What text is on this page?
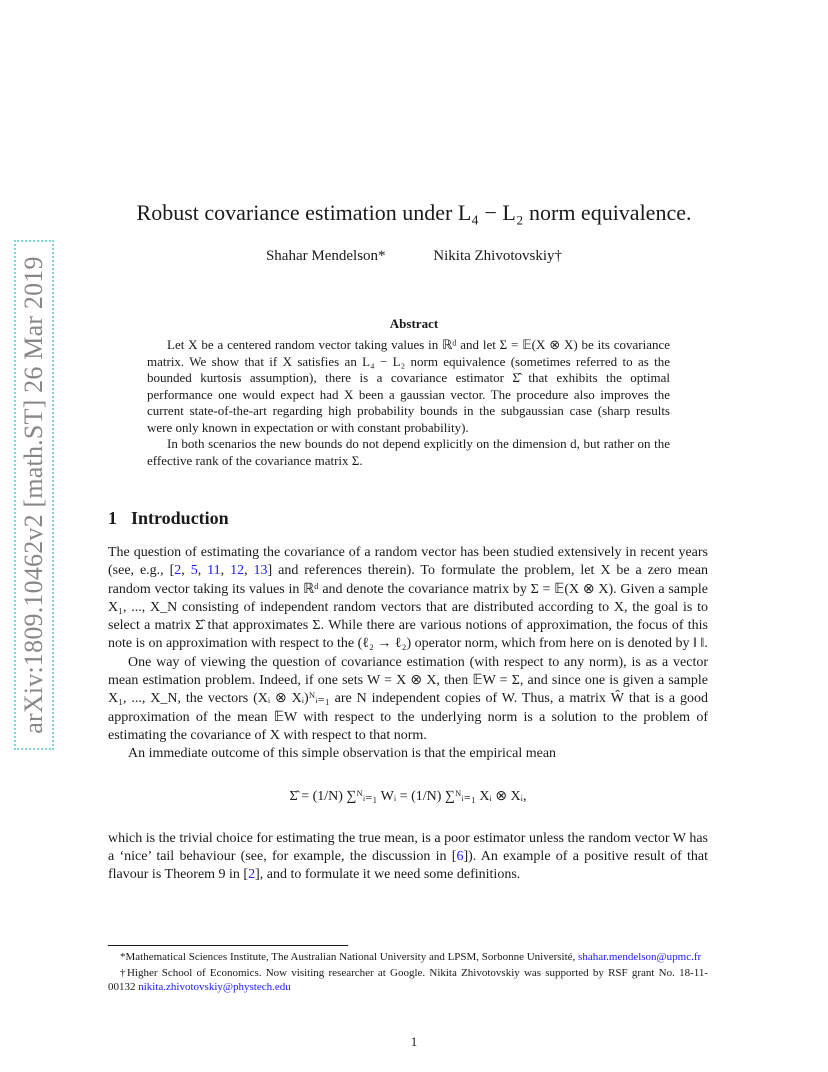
arXiv:1809.10462v2 [math.ST] 26 Mar 2019
Robust covariance estimation under L₄ − L₂ norm equivalence.
Shahar Mendelson*	Nikita Zhivotovskiy†
Abstract

Let X be a centered random vector taking values in ℝᵈ and let Σ = 𝔼(X ⊗ X) be its covariance matrix. We show that if X satisfies an L₄ − L₂ norm equivalence (sometimes referred to as the bounded kurtosis assumption), there is a covariance estimator Σ̂ that exhibits the optimal performance one would expect had X been a gaussian vector. The procedure also improves the current state-of-the-art regarding high probability bounds in the subgaussian case (sharp results were only known in expectation or with constant probability).

In both scenarios the new bounds do not depend explicitly on the dimension d, but rather on the effective rank of the covariance matrix Σ.

1 Introduction

The question of estimating the covariance of a random vector has been studied extensively in recent years (see, e.g., [2, 5, 11, 12, 13] and references therein). To formulate the problem, let X be a zero mean random vector taking its values in ℝᵈ and denote the covariance matrix by Σ = 𝔼(X ⊗ X). Given a sample X₁, ..., X_N consisting of independent random vectors that are distributed according to X, the goal is to select a matrix Σ̂ that approximates Σ. While there are various notions of approximation, the focus of this note is on approximation with respect to the (ℓ₂ → ℓ₂) operator norm, which from here on is denoted by ‖ ‖.

One way of viewing the question of covariance estimation (with respect to any norm), is as a vector mean estimation problem. Indeed, if one sets W = X ⊗ X, then 𝔼W = Σ, and since one is given a sample X₁, ..., X_N, the vectors (Xᵢ ⊗ Xᵢ)ᴺᵢ₌₁ are N independent copies of W. Thus, a matrix Ŵ that is a good approximation of the mean 𝔼W with respect to the underlying norm is a solution to the problem of estimating the covariance of X with respect to that norm.

An immediate outcome of this simple observation is that the empirical mean

Σ̂ = (1/N) ∑ᴺᵢ₌₁ Wᵢ = (1/N) ∑ᴺᵢ₌₁ Xᵢ ⊗ Xᵢ,

which is the trivial choice for estimating the true mean, is a poor estimator unless the random vector W has a ‘nice’ tail behaviour (see, for example, the discussion in [6]). An example of a positive result of that flavour is Theorem 9 in [2], and to formulate it we need some definitions.

*Mathematical Sciences Institute, The Australian National University and LPSM, Sorbonne Université, shahar.mendelson@upmc.fr

†Higher School of Economics. Now visiting researcher at Google. Nikita Zhivotovskiy was supported by RSF grant No. 18-11-00132 nikita.zhivotovskiy@phystech.edu

1
